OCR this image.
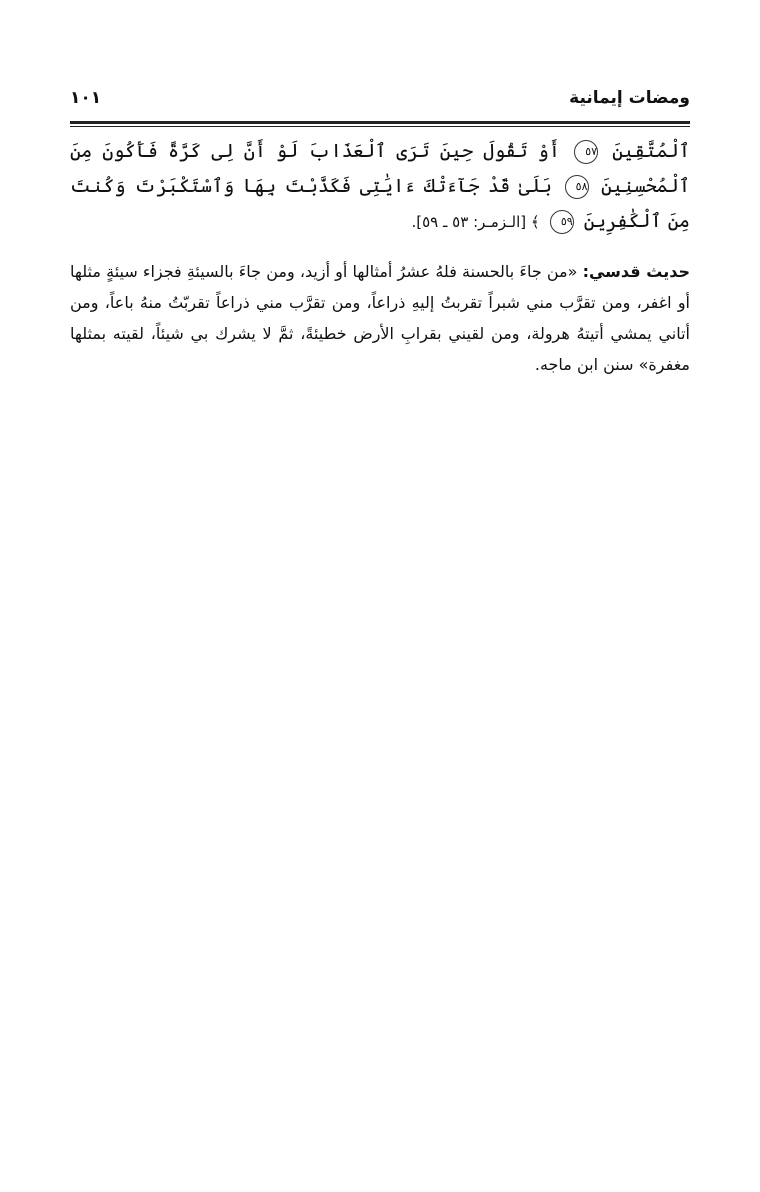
ومضات إيمانية
١٠١
ٱلْمُتَّقِينَ ٥٧ أَوْ تَقُولَ حِينَ تَرَى ٱلْعَذَابَ لَوْ أَنَّ لِى كَرَّةً فَأَكُونَ مِنَ ٱلْمُحْسِنِينَ ٥٨ بَلَىٰ قَدْ جَآءَتْكَ ءَايَٰتِى فَكَذَّبْتَ بِهَا وَٱسْتَكْبَرْتَ وَكُنتَ مِنَ ٱلْكَٰفِرِينَ ٥٩ ﴾ [الـزمـر: ٥٣ ـ ٥٩].
حديث قدسي: «من جاءَ بالحسنة فلهُ عشرُ أمثالها أو أزيد، ومن جاءَ بالسيئةِ فجزاء سيئةٍ مثلها أو اغفر، ومن تقرَّب مني شبراً تقربتُ إليهِ ذراعاً، ومن تقرَّب مني ذراعاً تقربّتُ منهُ باعاً، ومن أتاني يمشي أتيتهُ هرولة، ومن لقيني بقرابِ الأرض خطيئةً، ثمَّ لا يشرك بي شيئاً، لقيته بمثلها مغفرة» سنن ابن ماجه.
